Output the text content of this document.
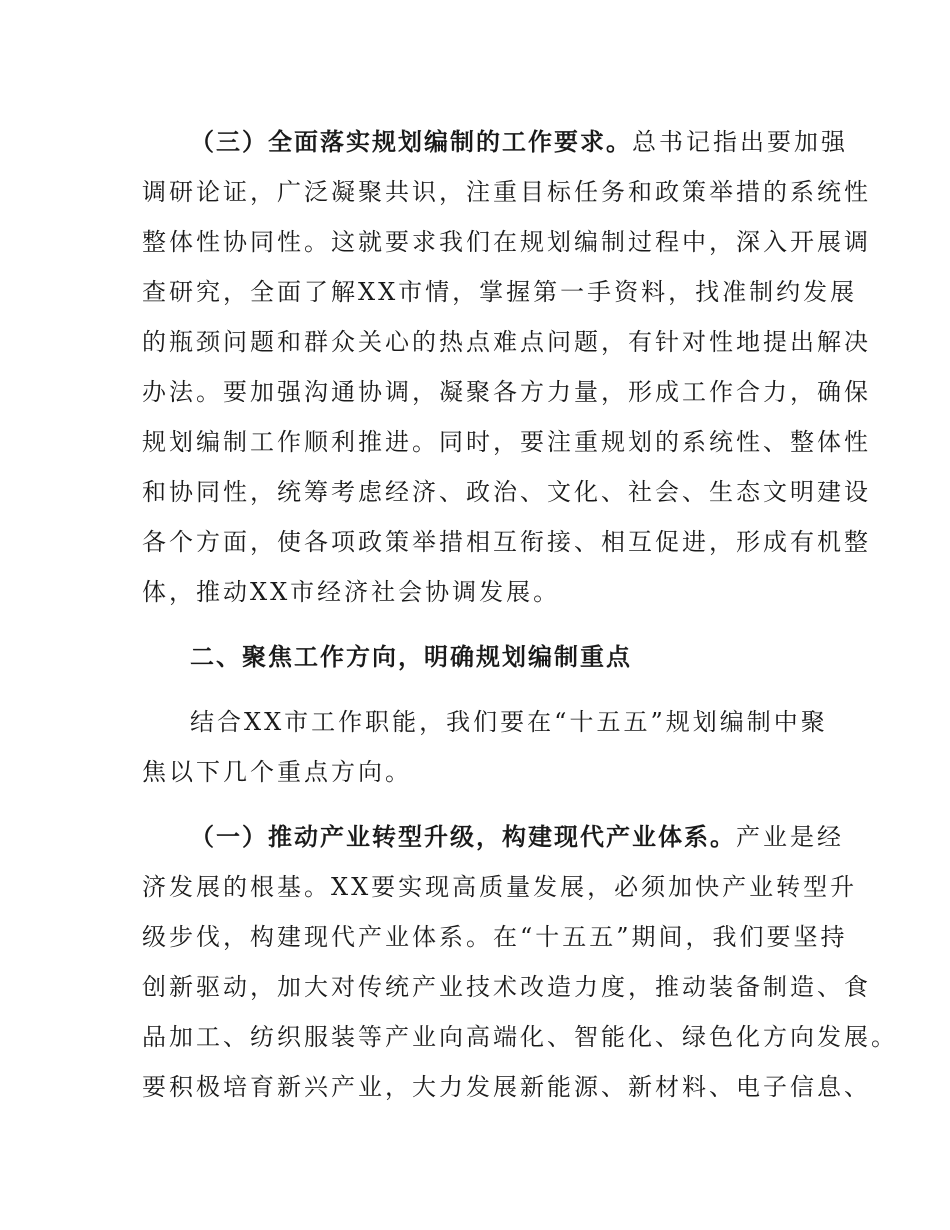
（三）全面落实规划编制的工作要求。总书记指出要加强

调研论证，广泛凝聚共识，注重目标任务和政策举措的系统性

整体性协同性。这就要求我们在规划编制过程中，深入开展调

查研究，全面了解XX市情，掌握第一手资料，找准制约发展

的瓶颈问题和群众关心的热点难点问题，有针对性地提出解决

办法。要加强沟通协调，凝聚各方力量，形成工作合力，确保

规划编制工作顺利推进。同时，要注重规划的系统性、整体性

和协同性，统筹考虑经济、政治、文化、社会、生态文明建设

各个方面，使各项政策举措相互衔接、相互促进，形成有机整

体，推动XX市经济社会协调发展。

二、聚焦工作方向，明确规划编制重点

结合XX市工作职能，我们要在“十五五”规划编制中聚

焦以下几个重点方向。

（一）推动产业转型升级，构建现代产业体系。产业是经

济发展的根基。XX要实现高质量发展，必须加快产业转型升

级步伐，构建现代产业体系。在“十五五”期间，我们要坚持

创新驱动，加大对传统产业技术改造力度，推动装备制造、食

品加工、纺织服装等产业向高端化、智能化、绿色化方向发展。

要积极培育新兴产业，大力发展新能源、新材料、电子信息、
